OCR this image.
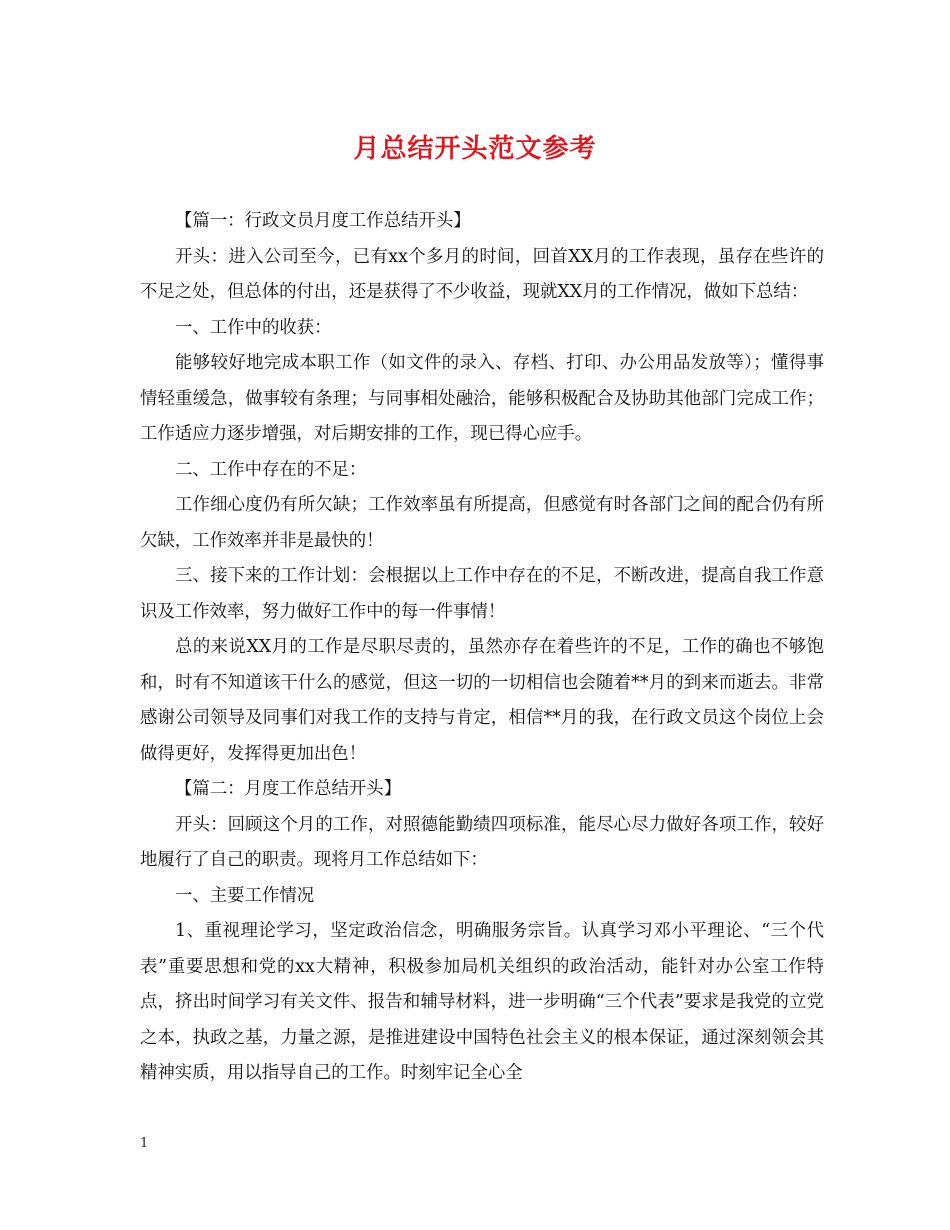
月总结开头范文参考

【篇一：行政文员月度工作总结开头】

开头：进入公司至今，已有xx个多月的时间，回首XX月的工作表现，虽存在些许的不足之处，但总体的付出，还是获得了不少收益，现就XX月的工作情况，做如下总结：

一、工作中的收获：

能够较好地完成本职工作（如文件的录入、存档、打印、办公用品发放等）；懂得事情轻重缓急，做事较有条理；与同事相处融洽，能够积极配合及协助其他部门完成工作；工作适应力逐步增强，对后期安排的工作，现已得心应手。

二、工作中存在的不足：

工作细心度仍有所欠缺；工作效率虽有所提高，但感觉有时各部门之间的配合仍有所欠缺，工作效率并非是最快的！

三、接下来的工作计划：会根据以上工作中存在的不足，不断改进，提高自我工作意识及工作效率，努力做好工作中的每一件事情！

总的来说XX月的工作是尽职尽责的，虽然亦存在着些许的不足，工作的确也不够饱和，时有不知道该干什么的感觉，但这一切的一切相信也会随着**月的到来而逝去。非常感谢公司领导及同事们对我工作的支持与肯定，相信**月的我，在行政文员这个岗位上会做得更好，发挥得更加出色！

【篇二：月度工作总结开头】

开头：回顾这个月的工作，对照德能勤绩四项标准，能尽心尽力做好各项工作，较好地履行了自己的职责。现将月工作总结如下：

一、主要工作情况

1、重视理论学习，坚定政治信念，明确服务宗旨。认真学习邓小平理论、“三个代表”重要思想和党的xx大精神，积极参加局机关组织的政治活动，能针对办公室工作特点，挤出时间学习有关文件、报告和辅导材料，进一步明确“三个代表”要求是我党的立党之本，执政之基，力量之源，是推进建设中国特色社会主义的根本保证，通过深刻领会其精神实质，用以指导自己的工作。时刻牢记全心全

1
